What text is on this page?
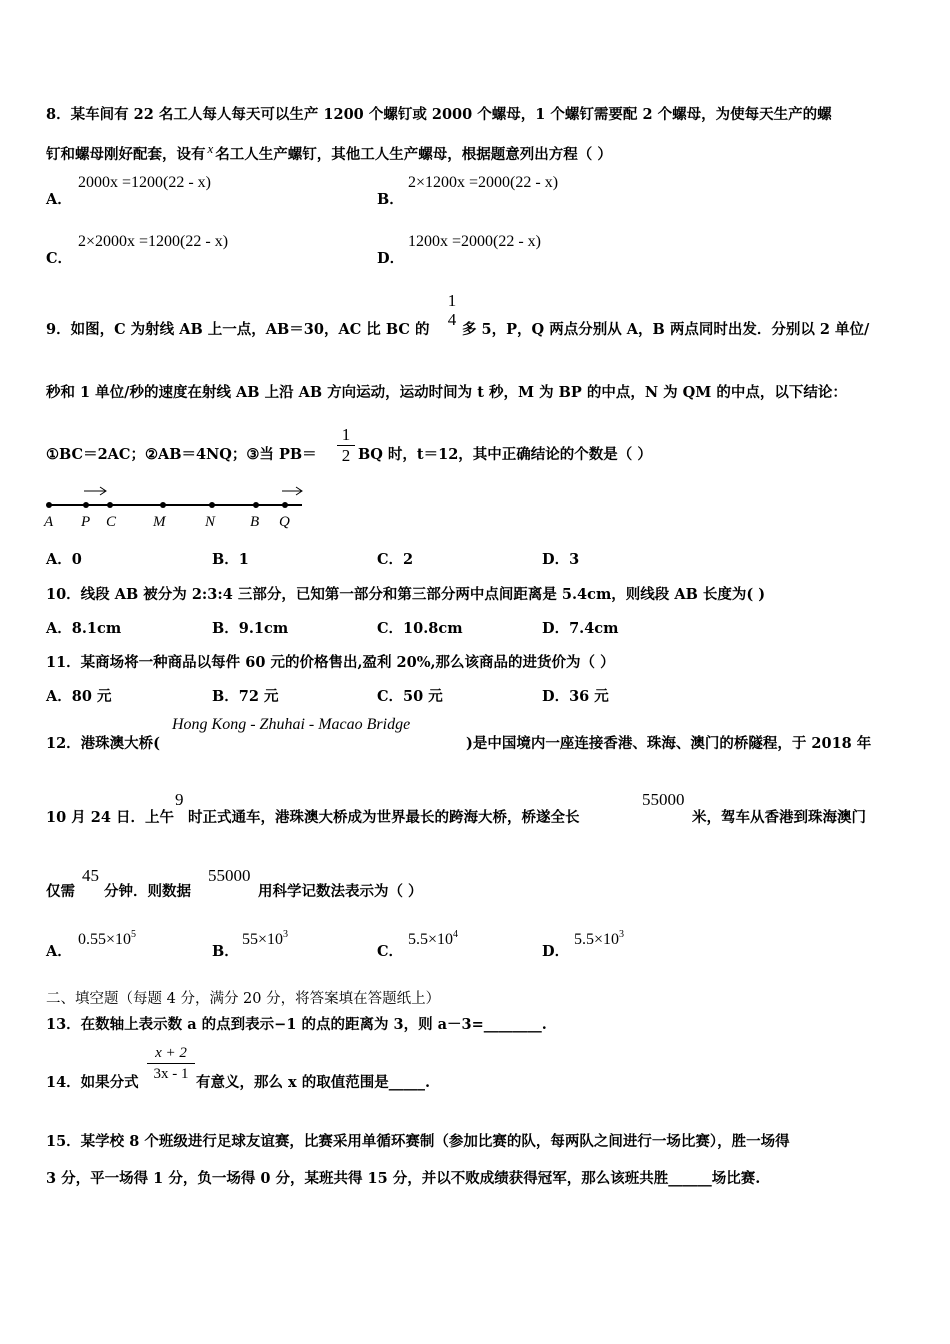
8．某车间有 22 名工人每人每天可以生产 1200 个螺钉或 2000 个螺母，1 个螺钉需要配 2 个螺母，为使每天生产的螺
钉和螺母刚好配套，设有 x 名工人生产螺钉，其他工人生产螺母，根据题意列出方程（ ）
A．
2000x =1200(22 - x)
B．
2×1200x =2000(22 - x)
C．
2×2000x =1200(22 - x)
D．
1200x =2000(22 - x)
9．如图，C 为射线 AB 上一点，AB＝30，AC 比 BC 的
1
4
多 5，P，Q 两点分别从 A，B 两点同时出发．分别以 2 单位/
秒和 1 单位/秒的速度在射线 AB 上沿 AB 方向运动，运动时间为 t 秒，M 为 BP 的中点，N 为 QM 的中点，以下结论：
①BC＝2AC；②AB＝4NQ；③当 PB＝
1
2 BQ 时，t＝12，其中正确结论的个数是（ ）
A P C M	N B Q
A．0	B．1	C．2	D．3
10．线段 AB 被分为 2:3:4 三部分，已知第一部分和第三部分两中点间距离是 5.4cm，则线段 AB 长度为( )
A．8.1cm	B．9.1cm	C．10.8cm	D．7.4cm
11．某商场将一种商品以每件 60 元的价格售出,盈利 20%,那么该商品的进货价为（ ）
A．80 元	B．72 元	C．50 元	D．36 元
12．港珠澳大桥(
Hong Kong - Zhuhai - Macao Bridge
)是中国境内一座连接香港、珠海、澳门的桥隧程，于 2018 年
10 月 24 日．上午
9
时正式通车，港珠澳大桥成为世界最长的跨海大桥，桥遂全长
55000
米，驾车从香港到珠海澳门
仅需
45
分钟．则数据
55000
用科学记数法表示为（ ）
A．
$0.55\times 10^5$
B．
$55\times 10^3$
C．
$5.5\times 10^4$
D．
$5.5\times 10^3$
二、填空题（每题 4 分，满分 20 分，将答案填在答题纸上）
13．在数轴上表示数 a 的点到表示−1 的点的距离为 3，则 a－3=________.
14．如果分式
x + 2
3x - 1 有意义，那么 x 的取值范围是_____.
15．某学校 8 个班级进行足球友谊赛，比赛采用单循环赛制（参加比赛的队，每两队之间进行一场比赛），胜一场得
3 分，平一场得 1 分，负一场得 0 分，某班共得 15 分，并以不败成绩获得冠军，那么该班共胜______场比赛.
